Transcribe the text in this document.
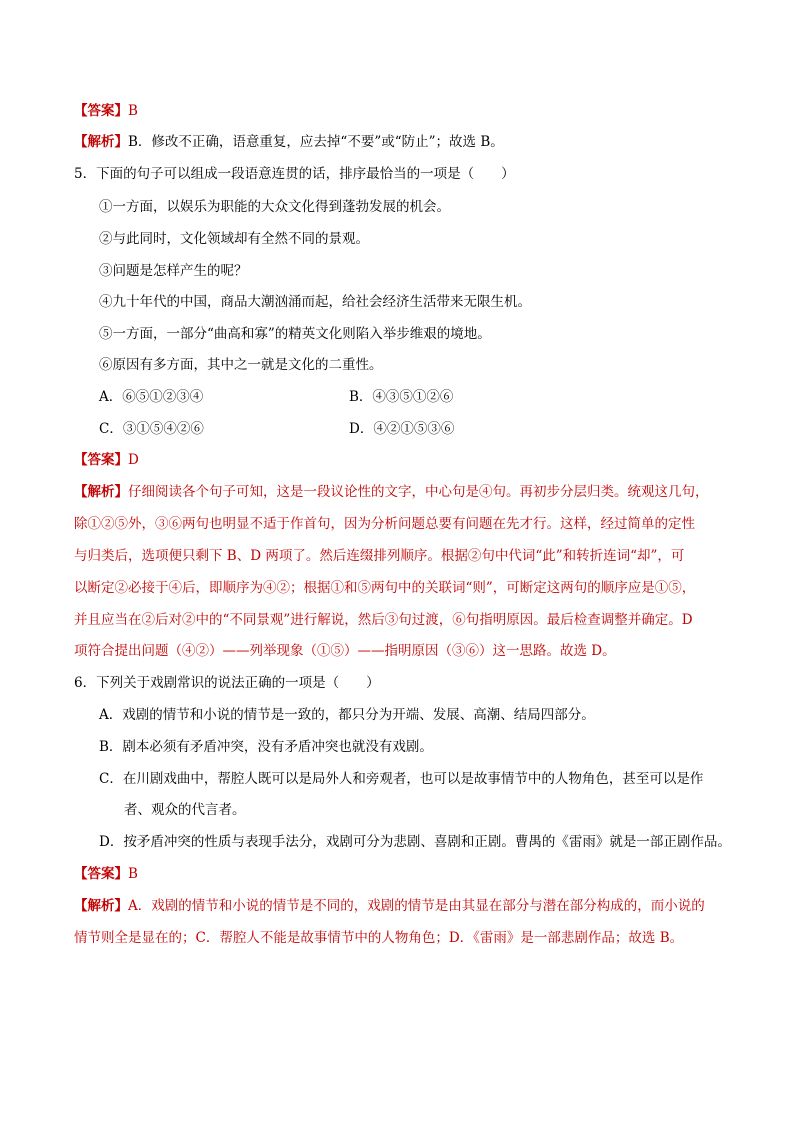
【答案】B
【解析】B．修改不正确，语意重复，应去掉“不要”或“防止”；故选 B。
5．下面的句子可以组成一段语意连贯的话，排序最恰当的一项是（　　）
①一方面，以娱乐为职能的大众文化得到蓬勃发展的机会。
②与此同时，文化领域却有全然不同的景观。
③问题是怎样产生的呢？
④九十年代的中国，商品大潮汹涌而起，给社会经济生活带来无限生机。
⑤一方面，一部分“曲高和寡”的精英文化则陷入举步维艰的境地。
⑥原因有多方面，其中之一就是文化的二重性。
A．⑥⑤①②③④	B．④③⑤①②⑥
C．③①⑤④②⑥	D．④②①⑤③⑥
【答案】D
【解析】仔细阅读各个句子可知，这是一段议论性的文字，中心句是④句。再初步分层归类。统观这几句，
除①②⑤外，③⑥两句也明显不适于作首句，因为分析问题总要有问题在先才行。这样，经过简单的定性
与归类后，选项便只剩下 B、D 两项了。然后连缀排列顺序。根据②句中代词“此”和转折连词“却”，可
以断定②必接于④后，即顺序为④②；根据①和⑤两句中的关联词“则”，可断定这两句的顺序应是①⑤，
并且应当在②后对②中的“不同景观”进行解说，然后③句过渡，⑥句指明原因。最后检查调整并确定。D
项符合提出问题（④②）——列举现象（①⑤）——指明原因（③⑥）这一思路。故选 D。
6．下列关于戏剧常识的说法正确的一项是（　　）
A．戏剧的情节和小说的情节是一致的，都只分为开端、发展、高潮、结局四部分。
B．剧本必须有矛盾冲突，没有矛盾冲突也就没有戏剧。
C．在川剧戏曲中，帮腔人既可以是局外人和旁观者，也可以是故事情节中的人物角色，甚至可以是作
者、观众的代言者。
D．按矛盾冲突的性质与表现手法分，戏剧可分为悲剧、喜剧和正剧。曹禺的《雷雨》就是一部正剧作品。
【答案】B
【解析】A．戏剧的情节和小说的情节是不同的，戏剧的情节是由其显在部分与潜在部分构成的，而小说的
情节则全是显在的；C．帮腔人不能是故事情节中的人物角色；D．《雷雨》是一部悲剧作品；故选 B。
